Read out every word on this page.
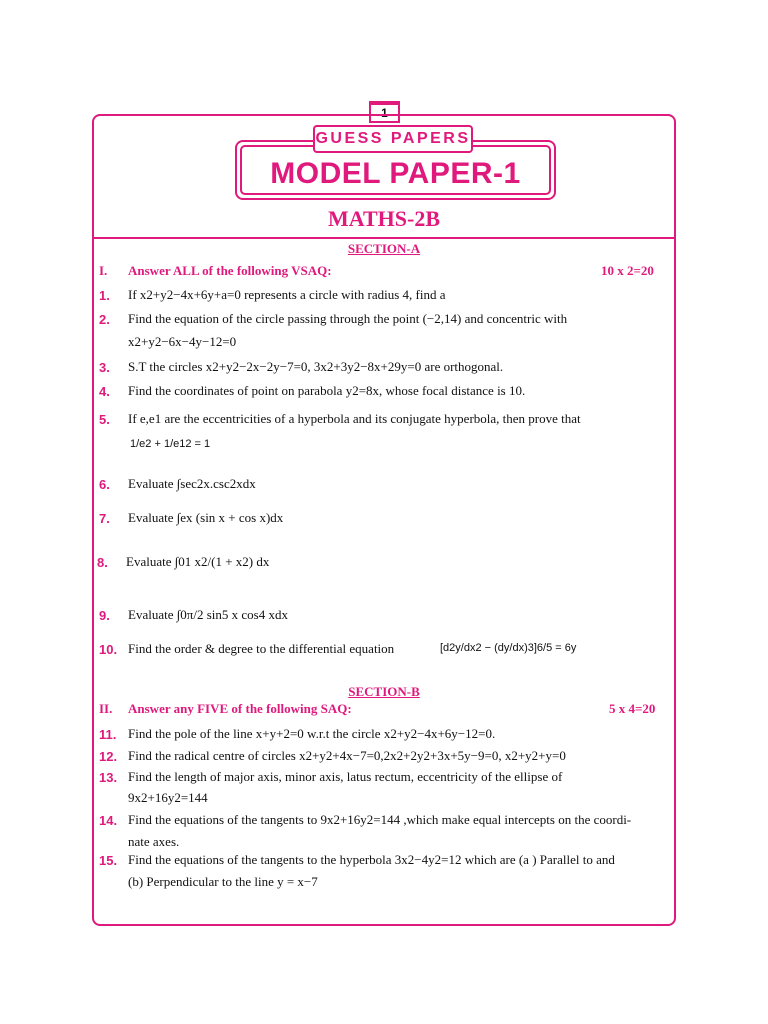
1
GUESS PAPERS
MODEL PAPER-1
MATHS-2B
SECTION-A
I. Answer ALL of the following VSAQ:	10 x 2=20
1. If x2+y2−4x+6y+a=0 represents a circle with radius 4, find a
2. Find the equation of the circle passing through the point (−2,14) and concentric with
x2+y2−6x−4y−12=0
3. S.T the circles x2+y2−2x−2y−7=0, 3x2+3y2−8x+29y=0 are orthogonal.
4. Find the coordinates of point on parabola y2=8x, whose focal distance is 10.
5. If e,e1 are the eccentricities of a hyperbola and its conjugate hyperbola, then prove that
1/e2 + 1/e12 = 1
6. Evaluate ∫sec2x.csc2xdx
7. Evaluate ∫ex (sin x + cos x)dx
8. Evaluate ∫01 x2/(1 + x2) dx
9. Evaluate ∫0π/2 sin5 x cos4 xdx
10. Find the order & degree to the differential equation	[d2y/dx2 − (dy/dx)3]6/5 = 6y
SECTION-B
II. Answer any FIVE of the following SAQ:	5 x 4=20
11. Find the pole of the line x+y+2=0 w.r.t the circle x2+y2−4x+6y−12=0.
12. Find the radical centre of circles x2+y2+4x−7=0,2x2+2y2+3x+5y−9=0, x2+y2+y=0
13. Find the length of major axis, minor axis, latus rectum, eccentricity of the ellipse of
9x2+16y2=144
14. Find the equations of the tangents to 9x2+16y2=144 ,which make equal intercepts on the coordi-
nate axes.
15. Find the equations of the tangents to the hyperbola 3x2−4y2=12 which are (a ) Parallel to and
(b) Perpendicular to the line y = x−7
